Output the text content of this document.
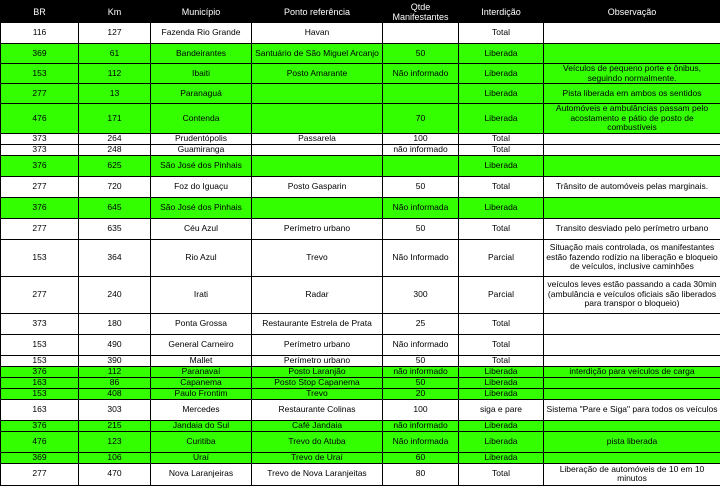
BR	Km	Município	Ponto referência	Qtde Manifestantes	Interdição	Observação
116	127	Fazenda Rio Grande	Havan		Total	
369	61	Bandeirantes	Santuário de São Miguel Arcanjo	50	Liberada	
153	112	Ibaiti	Posto Amarante	Não informado	Liberada	Veículos de pequeno porte e ônibus, seguindo normalmente.
277	13	Paranaguá			Liberada	Pista liberada em ambos os sentidos
476	171	Contenda		70	Liberada	Automóveis e ambulâncias passam pelo acostamento e pátio de posto de combustíveis
373	264	Prudentópolis	Passarela	100	Total	
373	248	Guamiranga		não informado	Total	
376	625	São José dos Pinhais			Liberada	
277	720	Foz do Iguaçu	Posto Gasparin	50	Total	Trânsito de automóveis pelas marginais.
376	645	São José dos Pinhais		Não informada	Liberada	
277	635	Céu Azul	Perímetro urbano	50	Total	Transito desviado pelo perímetro urbano
153	364	Rio Azul	Trevo	Não Informado	Parcial	Situação mais controlada, os manifestantes estão fazendo rodízio na liberação e bloqueio de veículos, inclusive caminhões
277	240	Irati	Radar	300	Parcial	veículos leves estão passando a cada 30min (ambulância e veículos oficiais são liberados para transpor o bloqueio)
373	180	Ponta Grossa	Restaurante Estrela de Prata	25	Total	
153	490	General Carneiro	Perímetro urbano	Não informado	Total	
153	390	Mallet	Perímetro urbano	50	Total	
376	112	Paranavaí	Posto Laranjão	não informado	Liberada	interdição para veículos de carga
163	86	Capanema	Posto Stop Capanema	50	Liberada	
153	408	Paulo Frontim	Trevo	20	Liberada	
163	303	Mercedes	Restaurante Colinas	100	siga e pare	Sistema "Pare e Siga" para todos os veículos
376	215	Jandaia do Sul	Café Jandaia	não informado	Liberada	
476	123	Curitiba	Trevo do Atuba	Não informada	Liberada	pista liberada
369	106	Uraí	Trevo de Uraí	60	Liberada	
277	470	Nova Laranjeiras	Trevo de Nova Laranjeitas	80	Total	Liberação de automóveis de 10 em 10 minutos
